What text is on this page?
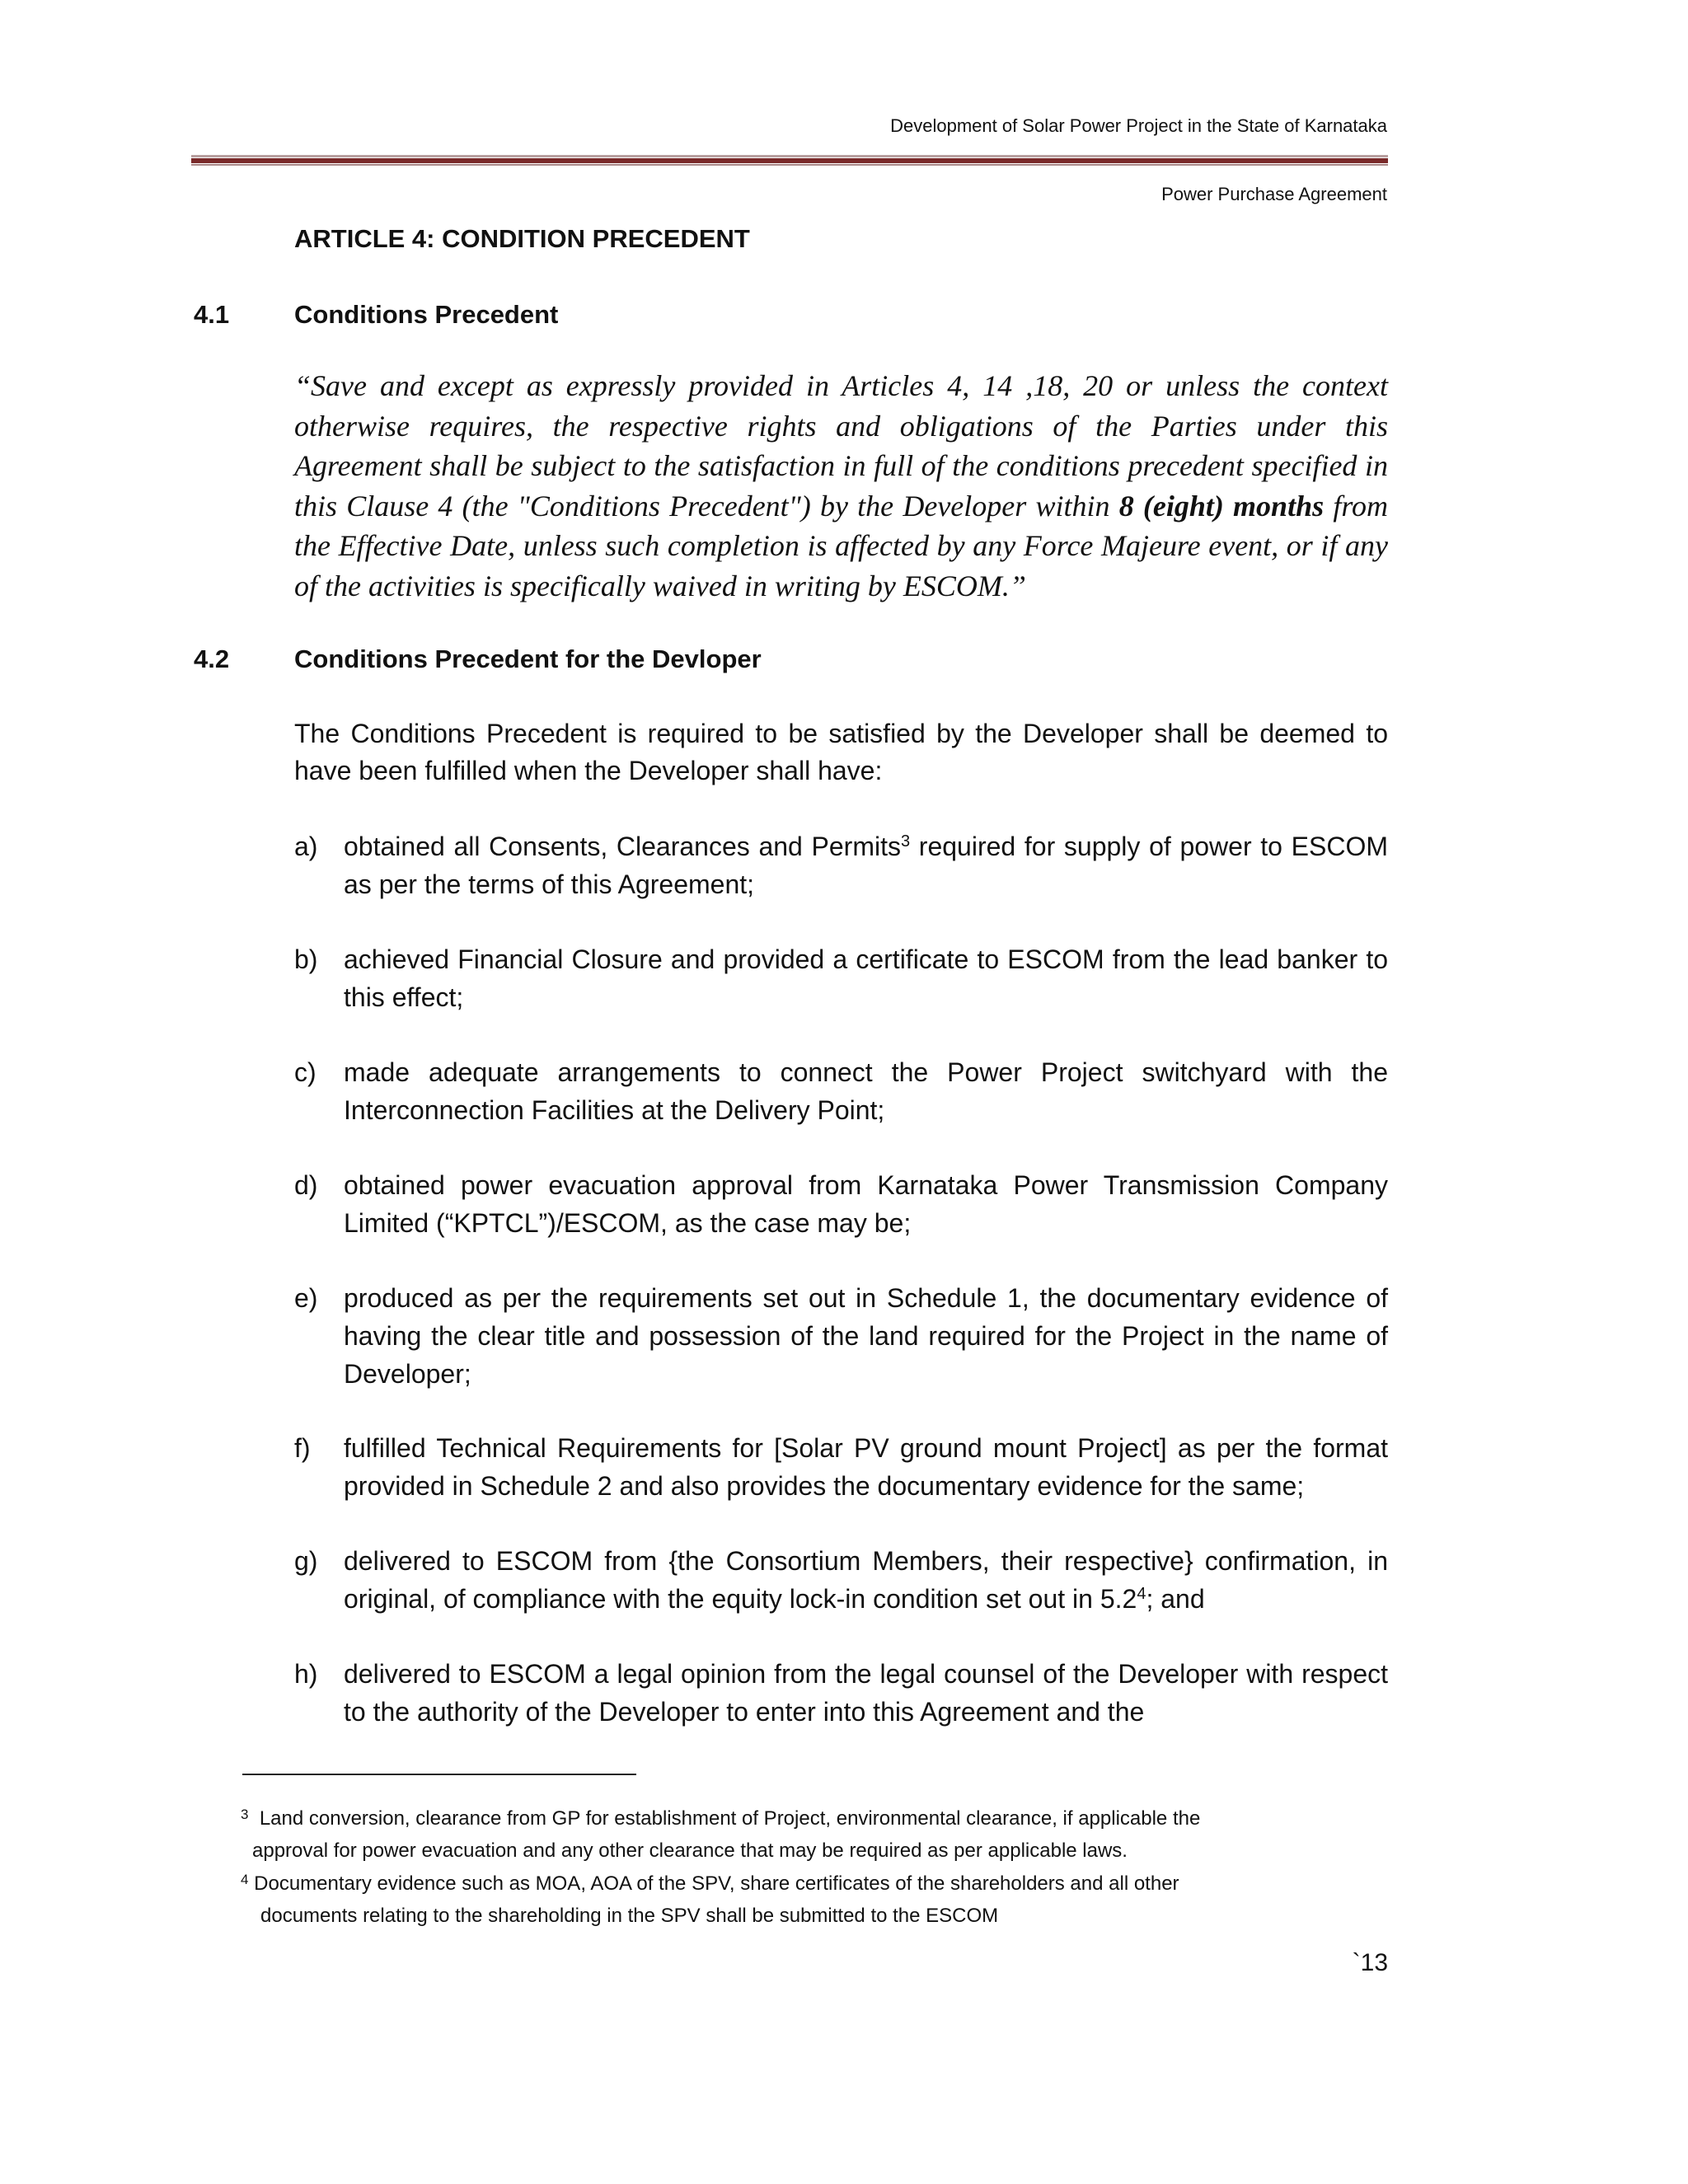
Development of Solar Power Project in the State of Karnataka
Power Purchase Agreement
ARTICLE 4: CONDITION PRECEDENT
4.1	Conditions Precedent
“Save and except as expressly provided in Articles 4, 14 ,18, 20 or unless the context otherwise requires, the respective rights and obligations of the Parties under this Agreement shall be subject to the satisfaction in full of the conditions precedent specified in this Clause 4 (the "Conditions Precedent") by the Developer within 8 (eight) months from the Effective Date, unless such completion is affected by any Force Majeure event, or if any of the activities is specifically waived in writing by ESCOM.”
4.2	Conditions Precedent for the Devloper
The Conditions Precedent is required to be satisfied by the Developer shall be deemed to have been fulfilled when the Developer shall have:
a) obtained all Consents, Clearances and Permits$^3$ required for supply of power to ESCOM as per the terms of this Agreement;
b) achieved Financial Closure and provided a certificate to ESCOM from the lead banker to this effect;
c) made adequate arrangements to connect the Power Project switchyard with the Interconnection Facilities at the Delivery Point;
d) obtained power evacuation approval from Karnataka Power Transmission Company Limited (“KPTCL”)/ESCOM, as the case may be;
e) produced as per the requirements set out in Schedule 1, the documentary evidence of having the clear title and possession of the land required for the Project in the name of Developer;
f) fulfilled Technical Requirements for [Solar PV ground mount Project] as per the format provided in Schedule 2 and also provides the documentary evidence for the same;
g) delivered to ESCOM from {the Consortium Members, their respective} confirmation, in original, of compliance with the equity lock-in condition set out in $5.2^4$; and
h) delivered to ESCOM a legal opinion from the legal counsel of the Developer with respect to the authority of the Developer to enter into this Agreement and the
$^3$ Land conversion, clearance from GP for establishment of Project, environmental clearance, if applicable the
approval for power evacuation and any other clearance that may be required as per applicable laws.
$^4$ Documentary evidence such as MOA, AOA of the SPV, share certificates of the shareholders and all other
documents relating to the shareholding in the SPV shall be submitted to the ESCOM
`13
